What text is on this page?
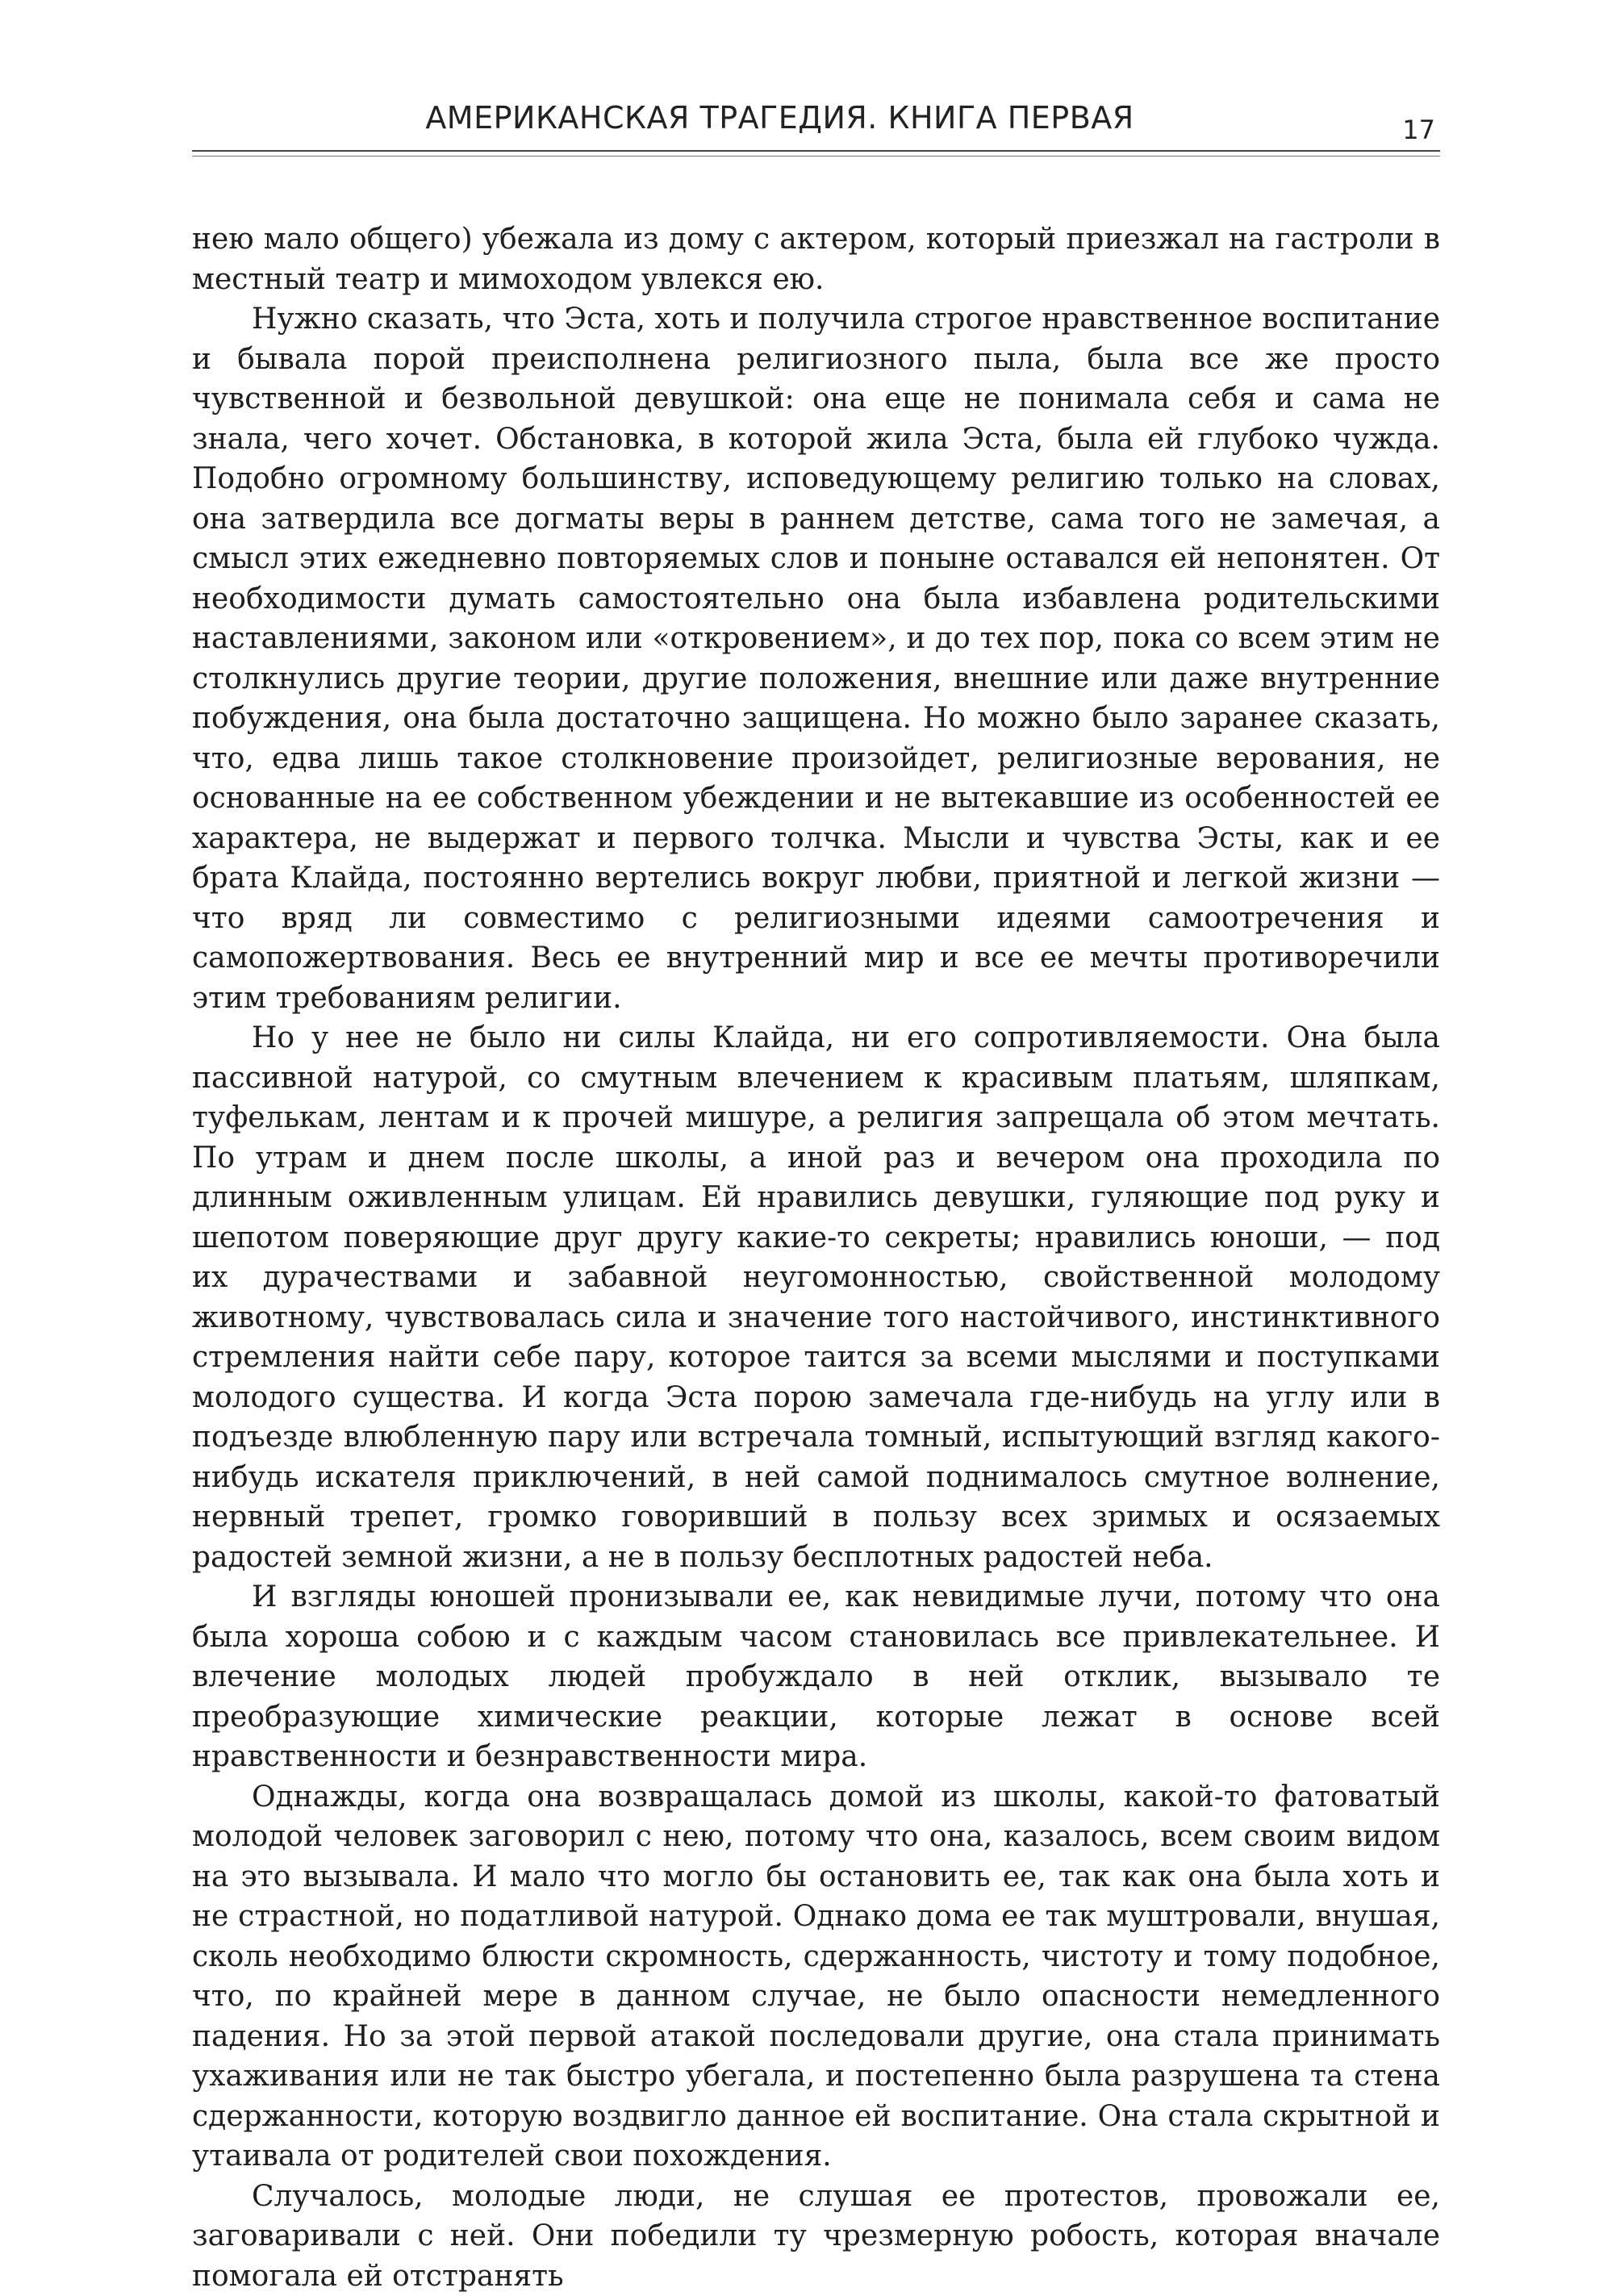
АМЕРИКАНСКАЯ ТРАГЕДИЯ. КНИГА ПЕРВАЯ	17

нею мало общего) убежала из дому с актером, который приезжал на гастроли в местный театр и мимоходом увлекся ею.

Нужно сказать, что Эста, хоть и получила строгое нравственное воспитание и бывала порой преисполнена религиозного пыла, была все же просто чувственной и безвольной девушкой: она еще не понимала себя и сама не знала, чего хочет. Обстановка, в которой жила Эста, была ей глубоко чужда. Подобно огромному большинству, исповедующему религию только на словах, она затвердила все догматы веры в раннем детстве, сама того не замечая, а смысл этих ежедневно повторяемых слов и поныне оставался ей непонятен. От необходимости думать самостоятельно она была избавлена родительскими наставлениями, законом или «откровением», и до тех пор, пока со всем этим не столкнулись другие теории, другие положения, внешние или даже внутренние побуждения, она была достаточно защищена. Но можно было заранее сказать, что, едва лишь такое столкновение произойдет, религиозные верования, не основанные на ее собственном убеждении и не вытекавшие из особенностей ее характера, не выдержат и первого толчка. Мысли и чувства Эсты, как и ее брата Клайда, постоянно вертелись вокруг любви, приятной и легкой жизни — что вряд ли совместимо с религиозными идеями самоотречения и самопожертвования. Весь ее внутренний мир и все ее мечты противоречили этим требованиям религии.

Но у нее не было ни силы Клайда, ни его сопротивляемости. Она была пассивной натурой, со смутным влечением к красивым платьям, шляпкам, туфелькам, лентам и к прочей мишуре, а религия запрещала об этом мечтать. По утрам и днем после школы, а иной раз и вечером она проходила по длинным оживленным улицам. Ей нравились девушки, гуляющие под руку и шепотом поверяющие друг другу какие-то секреты; нравились юноши, — под их дурачествами и забавной неугомонностью, свойственной молодому животному, чувствовалась сила и значение того настойчивого, инстинктивного стремления найти себе пару, которое таится за всеми мыслями и поступками молодого существа. И когда Эста порою замечала где-нибудь на углу или в подъезде влюбленную пару или встречала томный, испытующий взгляд какого-нибудь искателя приключений, в ней самой поднималось смутное волнение, нервный трепет, громко говоривший в пользу всех зримых и осязаемых радостей земной жизни, а не в пользу бесплотных радостей неба.

И взгляды юношей пронизывали ее, как невидимые лучи, потому что она была хороша собою и с каждым часом становилась все привлекательнее. И влечение молодых людей пробуждало в ней отклик, вызывало те преобразующие химические реакции, которые лежат в основе всей нравственности и безнравственности мира.

Однажды, когда она возвращалась домой из школы, какой-то фатоватый молодой человек заговорил с нею, потому что она, казалось, всем своим видом на это вызывала. И мало что могло бы остановить ее, так как она была хоть и не страстной, но податливой натурой. Однако дома ее так муштровали, внушая, сколь необходимо блюсти скромность, сдержанность, чистоту и тому подобное, что, по крайней мере в данном случае, не было опасности немедленного падения. Но за этой первой атакой последовали другие, она стала принимать ухаживания или не так быстро убегала, и постепенно была разрушена та стена сдержанности, которую воздвигло данное ей воспитание. Она стала скрытной и утаивала от родителей свои похождения.

Случалось, молодые люди, не слушая ее протестов, провожали ее, заговаривали с ней. Они победили ту чрезмерную робость, которая вначале помогала ей отстранять
